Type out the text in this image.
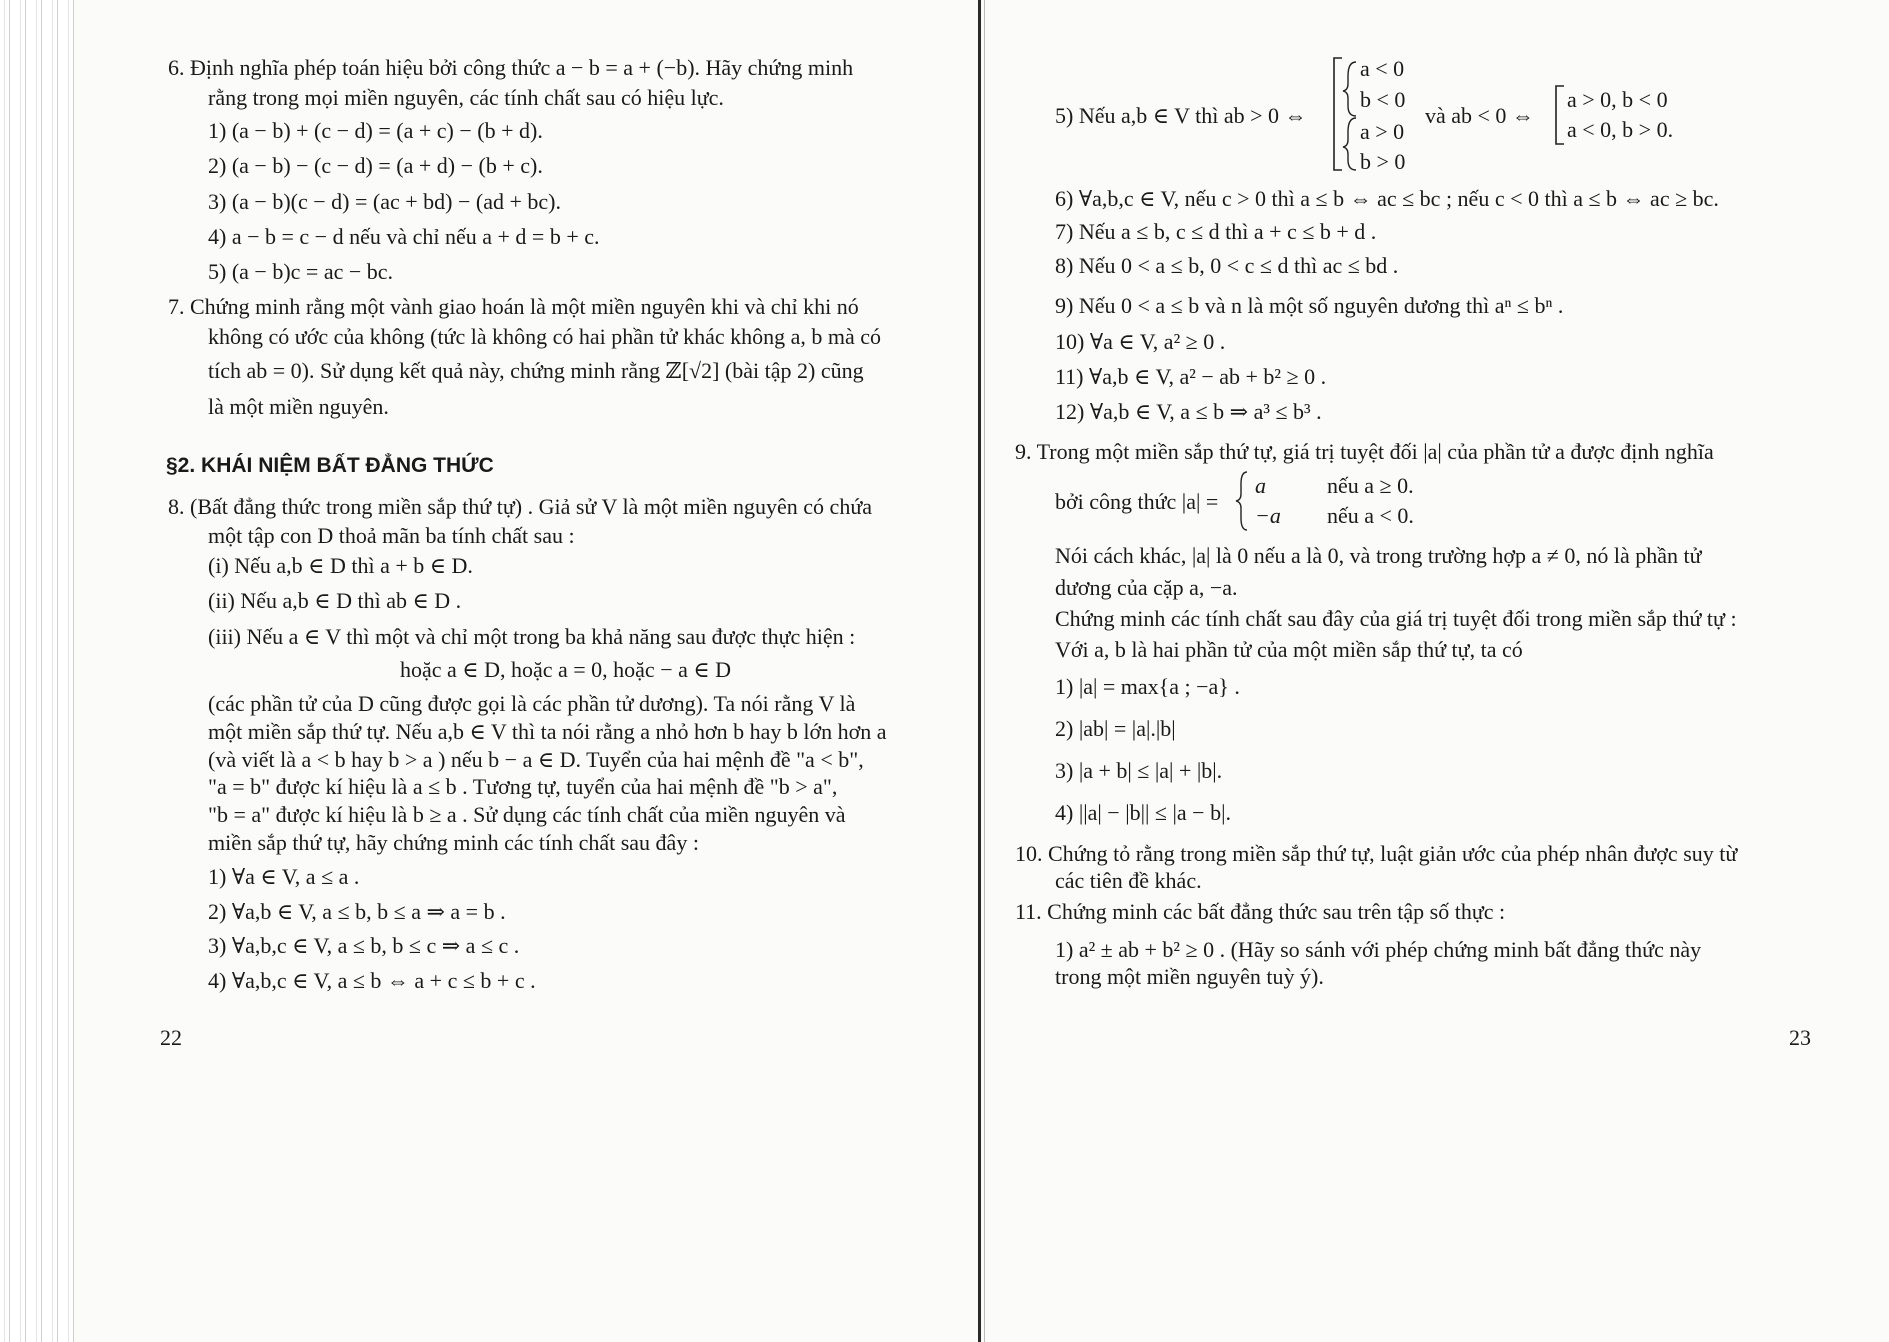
6. Định nghĩa phép toán hiệu bởi công thức a − b = a + (−b). Hãy chứng minh
rằng trong mọi miền nguyên, các tính chất sau có hiệu lực.
1) (a − b) + (c − d) = (a + c) − (b + d).
2) (a − b) − (c − d) = (a + d) − (b + c).
3) (a − b)(c − d) = (ac + bd) − (ad + bc).
4) a − b = c − d nếu và chỉ nếu a + d = b + c.
5) (a − b)c = ac − bc.
7. Chứng minh rằng một vành giao hoán là một miền nguyên khi và chỉ khi nó
không có ước của không (tức là không có hai phần tử khác không a, b mà có
tích ab = 0). Sử dụng kết quả này, chứng minh rằng ℤ[√2] (bài tập 2) cũng
là một miền nguyên.
§2. KHÁI NIỆM BẤT ĐẲNG THỨC
8. (Bất đẳng thức trong miền sắp thứ tự) . Giả sử V là một miền nguyên có chứa
một tập con D thoả mãn ba tính chất sau :
(i) Nếu a,b ∈ D thì a + b ∈ D.
(ii) Nếu a,b ∈ D thì ab ∈ D .
(iii) Nếu a ∈ V thì một và chỉ một trong ba khả năng sau được thực hiện :
hoặc a ∈ D, hoặc a = 0, hoặc − a ∈ D
(các phần tử của D cũng được gọi là các phần tử dương). Ta nói rằng V là
một miền sắp thứ tự. Nếu a,b ∈ V thì ta nói rằng a nhỏ hơn b hay b lớn hơn a
(và viết là a < b hay b > a ) nếu b − a ∈ D. Tuyển của hai mệnh đề "a < b",
"a = b" được kí hiệu là a ≤ b . Tương tự, tuyển của hai mệnh đề "b > a",
"b = a" được kí hiệu là b ≥ a . Sử dụng các tính chất của miền nguyên và
miền sắp thứ tự, hãy chứng minh các tính chất sau đây :
1) ∀a ∈ V, a ≤ a .
2) ∀a,b ∈ V, a ≤ b, b ≤ a ⇒ a = b .
3) ∀a,b,c ∈ V, a ≤ b, b ≤ c ⇒ a ≤ c .
4) ∀a,b,c ∈ V, a ≤ b ⇔ a + c ≤ b + c .
22
5) Nếu a,b ∈ V thì ab > 0 ⇔
a < 0
b < 0
a > 0
b > 0
và ab < 0 ⇔
a > 0, b < 0
a < 0, b > 0.
6) ∀a,b,c ∈ V, nếu c > 0 thì a ≤ b ⇔ ac ≤ bc ; nếu c < 0 thì a ≤ b ⇔ ac ≥ bc.
7) Nếu a ≤ b, c ≤ d thì a + c ≤ b + d .
8) Nếu 0 < a ≤ b, 0 < c ≤ d thì ac ≤ bd .
9) Nếu 0 < a ≤ b và n là một số nguyên dương thì aⁿ ≤ bⁿ .
10) ∀a ∈ V, a² ≥ 0 .
11) ∀a,b ∈ V, a² − ab + b² ≥ 0 .
12) ∀a,b ∈ V, a ≤ b ⇒ a³ ≤ b³ .
9. Trong một miền sắp thứ tự, giá trị tuyệt đối |a| của phần tử a được định nghĩa
bởi công thức |a| =
a	nếu a ≥ 0.
−a nếu a < 0.
Nói cách khác, |a| là 0 nếu a là 0, và trong trường hợp a ≠ 0, nó là phần tử
dương của cặp a, −a.
Chứng minh các tính chất sau đây của giá trị tuyệt đối trong miền sắp thứ tự :
Với a, b là hai phần tử của một miền sắp thứ tự, ta có
1) |a| = max{a ; −a} .
2) |ab| = |a|.|b|
3) |a + b| ≤ |a| + |b|.
4) ||a| − |b|| ≤ |a − b|.
10. Chứng tỏ rằng trong miền sắp thứ tự, luật giản ước của phép nhân được suy từ
các tiên đề khác.
11. Chứng minh các bất đẳng thức sau trên tập số thực :
1) a² ± ab + b² ≥ 0 . (Hãy so sánh với phép chứng minh bất đẳng thức này
trong một miền nguyên tuỳ ý).
23
